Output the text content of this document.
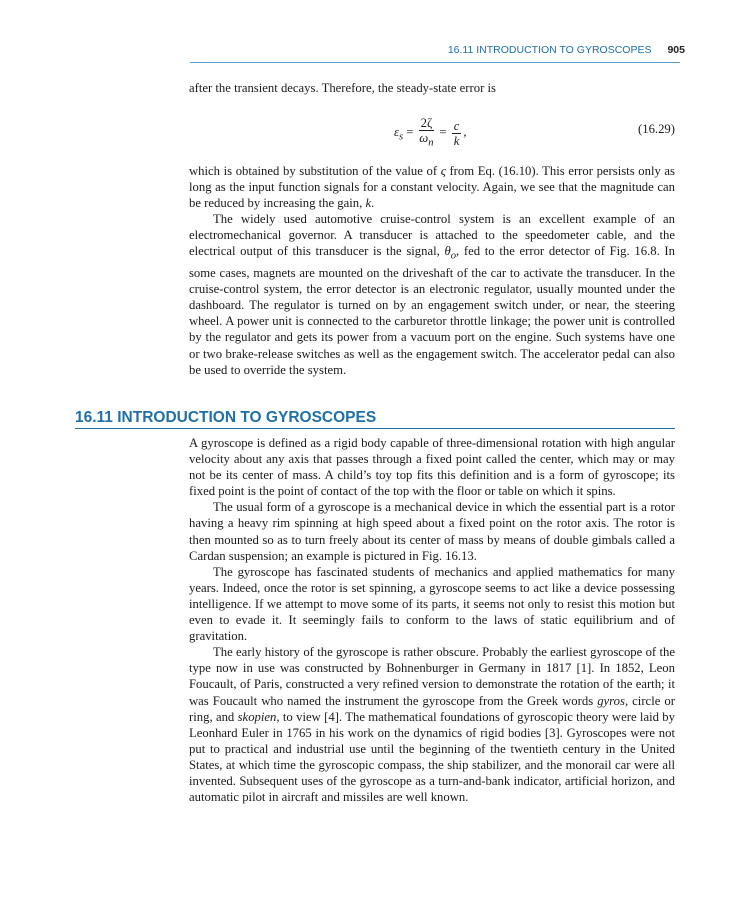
16.11 INTRODUCTION TO GYROSCOPES 905

after the transient decays. Therefore, the steady-state error is

$\varepsilon_s = \frac{2\zeta}{\omega_n} = \frac{c}{k}$ ,	(16.29)

which is obtained by substitution of the value of ς from Eq. (16.10). This error persists only as long as the input function signals for a constant velocity. Again, we see that the magnitude can be reduced by increasing the gain, k.

The widely used automotive cruise-control system is an excellent example of an electromechanical governor. A transducer is attached to the speedometer cable, and the electrical output of this transducer is the signal, $\theta_o$, fed to the error detector of Fig. 16.8. In some cases, magnets are mounted on the driveshaft of the car to activate the transducer. In the cruise-control system, the error detector is an electronic regulator, usually mounted under the dashboard. The regulator is turned on by an engagement switch under, or near, the steering wheel. A power unit is connected to the carburetor throttle linkage; the power unit is controlled by the regulator and gets its power from a vacuum port on the engine. Such systems have one or two brake-release switches as well as the engagement switch. The accelerator pedal can also be used to override the system.

16.11 INTRODUCTION TO GYROSCOPES

A gyroscope is defined as a rigid body capable of three-dimensional rotation with high angular velocity about any axis that passes through a fixed point called the center, which may or may not be its center of mass. A child’s toy top fits this definition and is a form of gyroscope; its fixed point is the point of contact of the top with the floor or table on which it spins.

The usual form of a gyroscope is a mechanical device in which the essential part is a rotor having a heavy rim spinning at high speed about a fixed point on the rotor axis. The rotor is then mounted so as to turn freely about its center of mass by means of double gimbals called a Cardan suspension; an example is pictured in Fig. 16.13.

The gyroscope has fascinated students of mechanics and applied mathematics for many years. Indeed, once the rotor is set spinning, a gyroscope seems to act like a device possessing intelligence. If we attempt to move some of its parts, it seems not only to resist this motion but even to evade it. It seemingly fails to conform to the laws of static equilibrium and of gravitation.

The early history of the gyroscope is rather obscure. Probably the earliest gyroscope of the type now in use was constructed by Bohnenburger in Germany in 1817 [1]. In 1852, Leon Foucault, of Paris, constructed a very refined version to demonstrate the rotation of the earth; it was Foucault who named the instrument the gyroscope from the Greek words gyros, circle or ring, and skopien, to view [4]. The mathematical foundations of gyroscopic theory were laid by Leonhard Euler in 1765 in his work on the dynamics of rigid bodies [3]. Gyroscopes were not put to practical and industrial use until the beginning of the twentieth century in the United States, at which time the gyroscopic compass, the ship stabilizer, and the monorail car were all invented. Subsequent uses of the gyroscope as a turn-and-bank indicator, artificial horizon, and automatic pilot in aircraft and missiles are well known.
